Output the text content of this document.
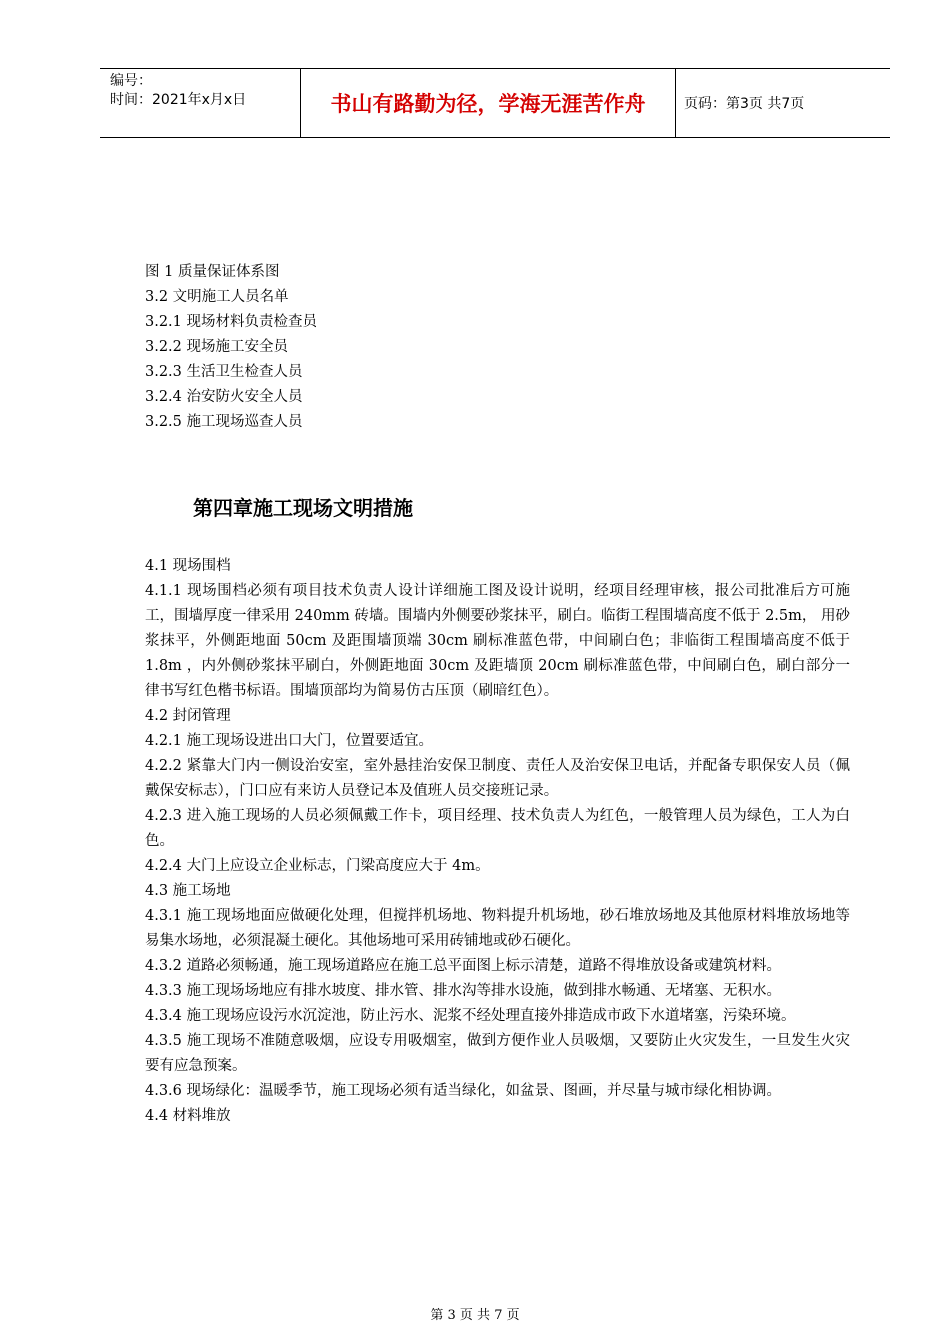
编号：
时间：2021年x月x日	书山有路勤为径，学海无涯苦作舟	页码：第3页 共7页
图 1 质量保证体系图
3.2 文明施工人员名单
3.2.1 现场材料负责检查员
3.2.2 现场施工安全员
3.2.3 生活卫生检查人员
3.2.4 治安防火安全人员
3.2.5 施工现场巡查人员
第四章施工现场文明措施

4.1 现场围档

4.1.1 现场围档必须有项目技术负责人设计详细施工图及设计说明，经项目经理审核，报公司批准后方可施工，围墙厚度一律采用 240mm 砖墙。围墙内外侧要砂浆抹平，刷白。临街工程围墙高度不低于 2.5m， 用砂浆抹平，外侧距地面 50cm 及距围墙顶端 30cm 刷标准蓝色带，中间刷白色；非临街工程围墙高度不低于 1.8m ，内外侧砂浆抹平刷白，外侧距地面 30cm 及距墙顶 20cm 刷标准蓝色带，中间刷白色，刷白部分一律书写红色楷书标语。围墙顶部均为简易仿古压顶（刷暗红色）。

4.2 封闭管理

4.2.1 施工现场设进出口大门，位置要适宜。

4.2.2 紧靠大门内一侧设治安室，室外悬挂治安保卫制度、责任人及治安保卫电话，并配备专职保安人员（佩戴保安标志），门口应有来访人员登记本及值班人员交接班记录。

4.2.3 进入施工现场的人员必须佩戴工作卡，项目经理、技术负责人为红色，一般管理人员为绿色，工人为白色。

4.2.4 大门上应设立企业标志，门梁高度应大于 4m。

4.3 施工场地

4.3.1 施工现场地面应做硬化处理，但搅拌机场地、物料提升机场地，砂石堆放场地及其他原材料堆放场地等易集水场地，必须混凝土硬化。其他场地可采用砖铺地或砂石硬化。

4.3.2 道路必须畅通，施工现场道路应在施工总平面图上标示清楚，道路不得堆放设备或建筑材料。

4.3.3 施工现场场地应有排水坡度、排水管、排水沟等排水设施，做到排水畅通、无堵塞、无积水。

4.3.4 施工现场应设污水沉淀池，防止污水、泥浆不经处理直接外排造成市政下水道堵塞，污染环境。

4.3.5 施工现场不准随意吸烟，应设专用吸烟室，做到方便作业人员吸烟，又要防止火灾发生，一旦发生火灾要有应急预案。

4.3.6 现场绿化：温暖季节，施工现场必须有适当绿化，如盆景、图画，并尽量与城市绿化相协调。

4.4 材料堆放

第 3 页 共 7 页
